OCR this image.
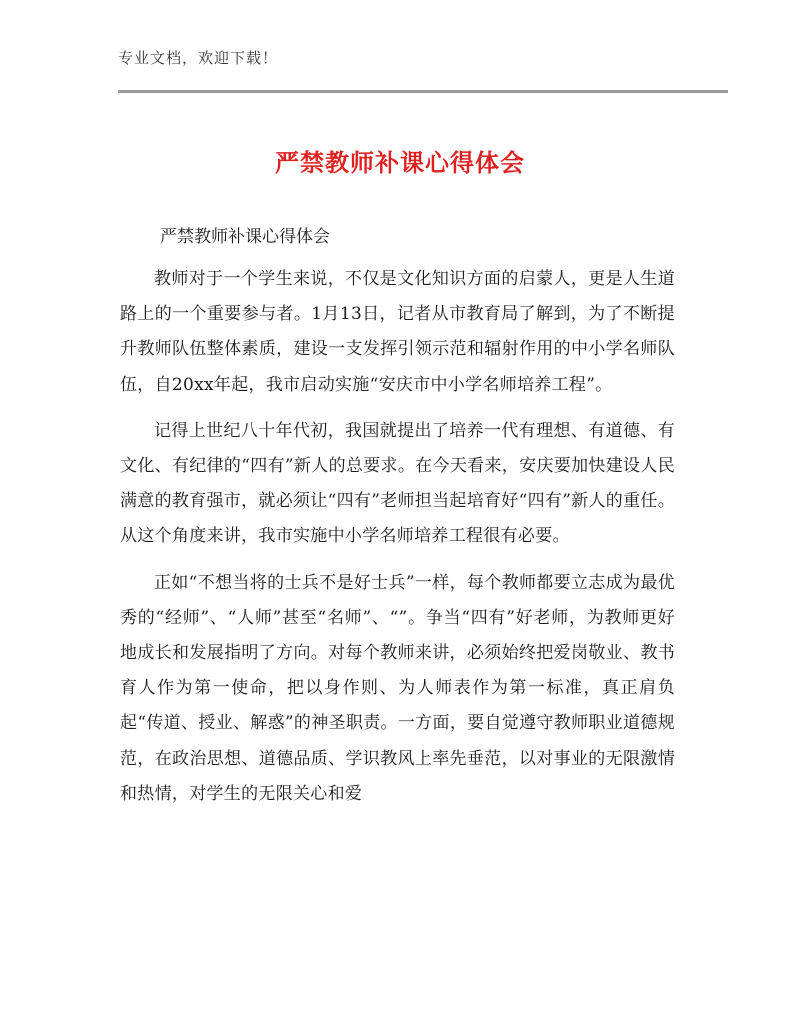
专业文档，欢迎下载！
严禁教师补课心得体会
严禁教师补课心得体会

教师对于一个学生来说，不仅是文化知识方面的启蒙人，更是人生道路上的一个重要参与者。1月13日，记者从市教育局了解到，为了不断提升教师队伍整体素质，建设一支发挥引领示范和辐射作用的中小学名师队伍，自20xx年起，我市启动实施“安庆市中小学名师培养工程”。

记得上世纪八十年代初，我国就提出了培养一代有理想、有道德、有文化、有纪律的“四有”新人的总要求。在今天看来，安庆要加快建设人民满意的教育强市，就必须让“四有”老师担当起培育好“四有”新人的重任。从这个角度来讲，我市实施中小学名师培养工程很有必要。

正如“不想当将的士兵不是好士兵”一样，每个教师都要立志成为最优秀的“经师”、“人师”甚至“名师”、“”。争当“四有”好老师，为教师更好地成长和发展指明了方向。对每个教师来讲，必须始终把爱岗敬业、教书育人作为第一使命，把以身作则、为人师表作为第一标准，真正肩负起“传道、授业、解惑”的神圣职责。一方面，要自觉遵守教师职业道德规范，在政治思想、道德品质、学识教风上率先垂范，以对事业的无限激情和热情，对学生的无限关心和爱
